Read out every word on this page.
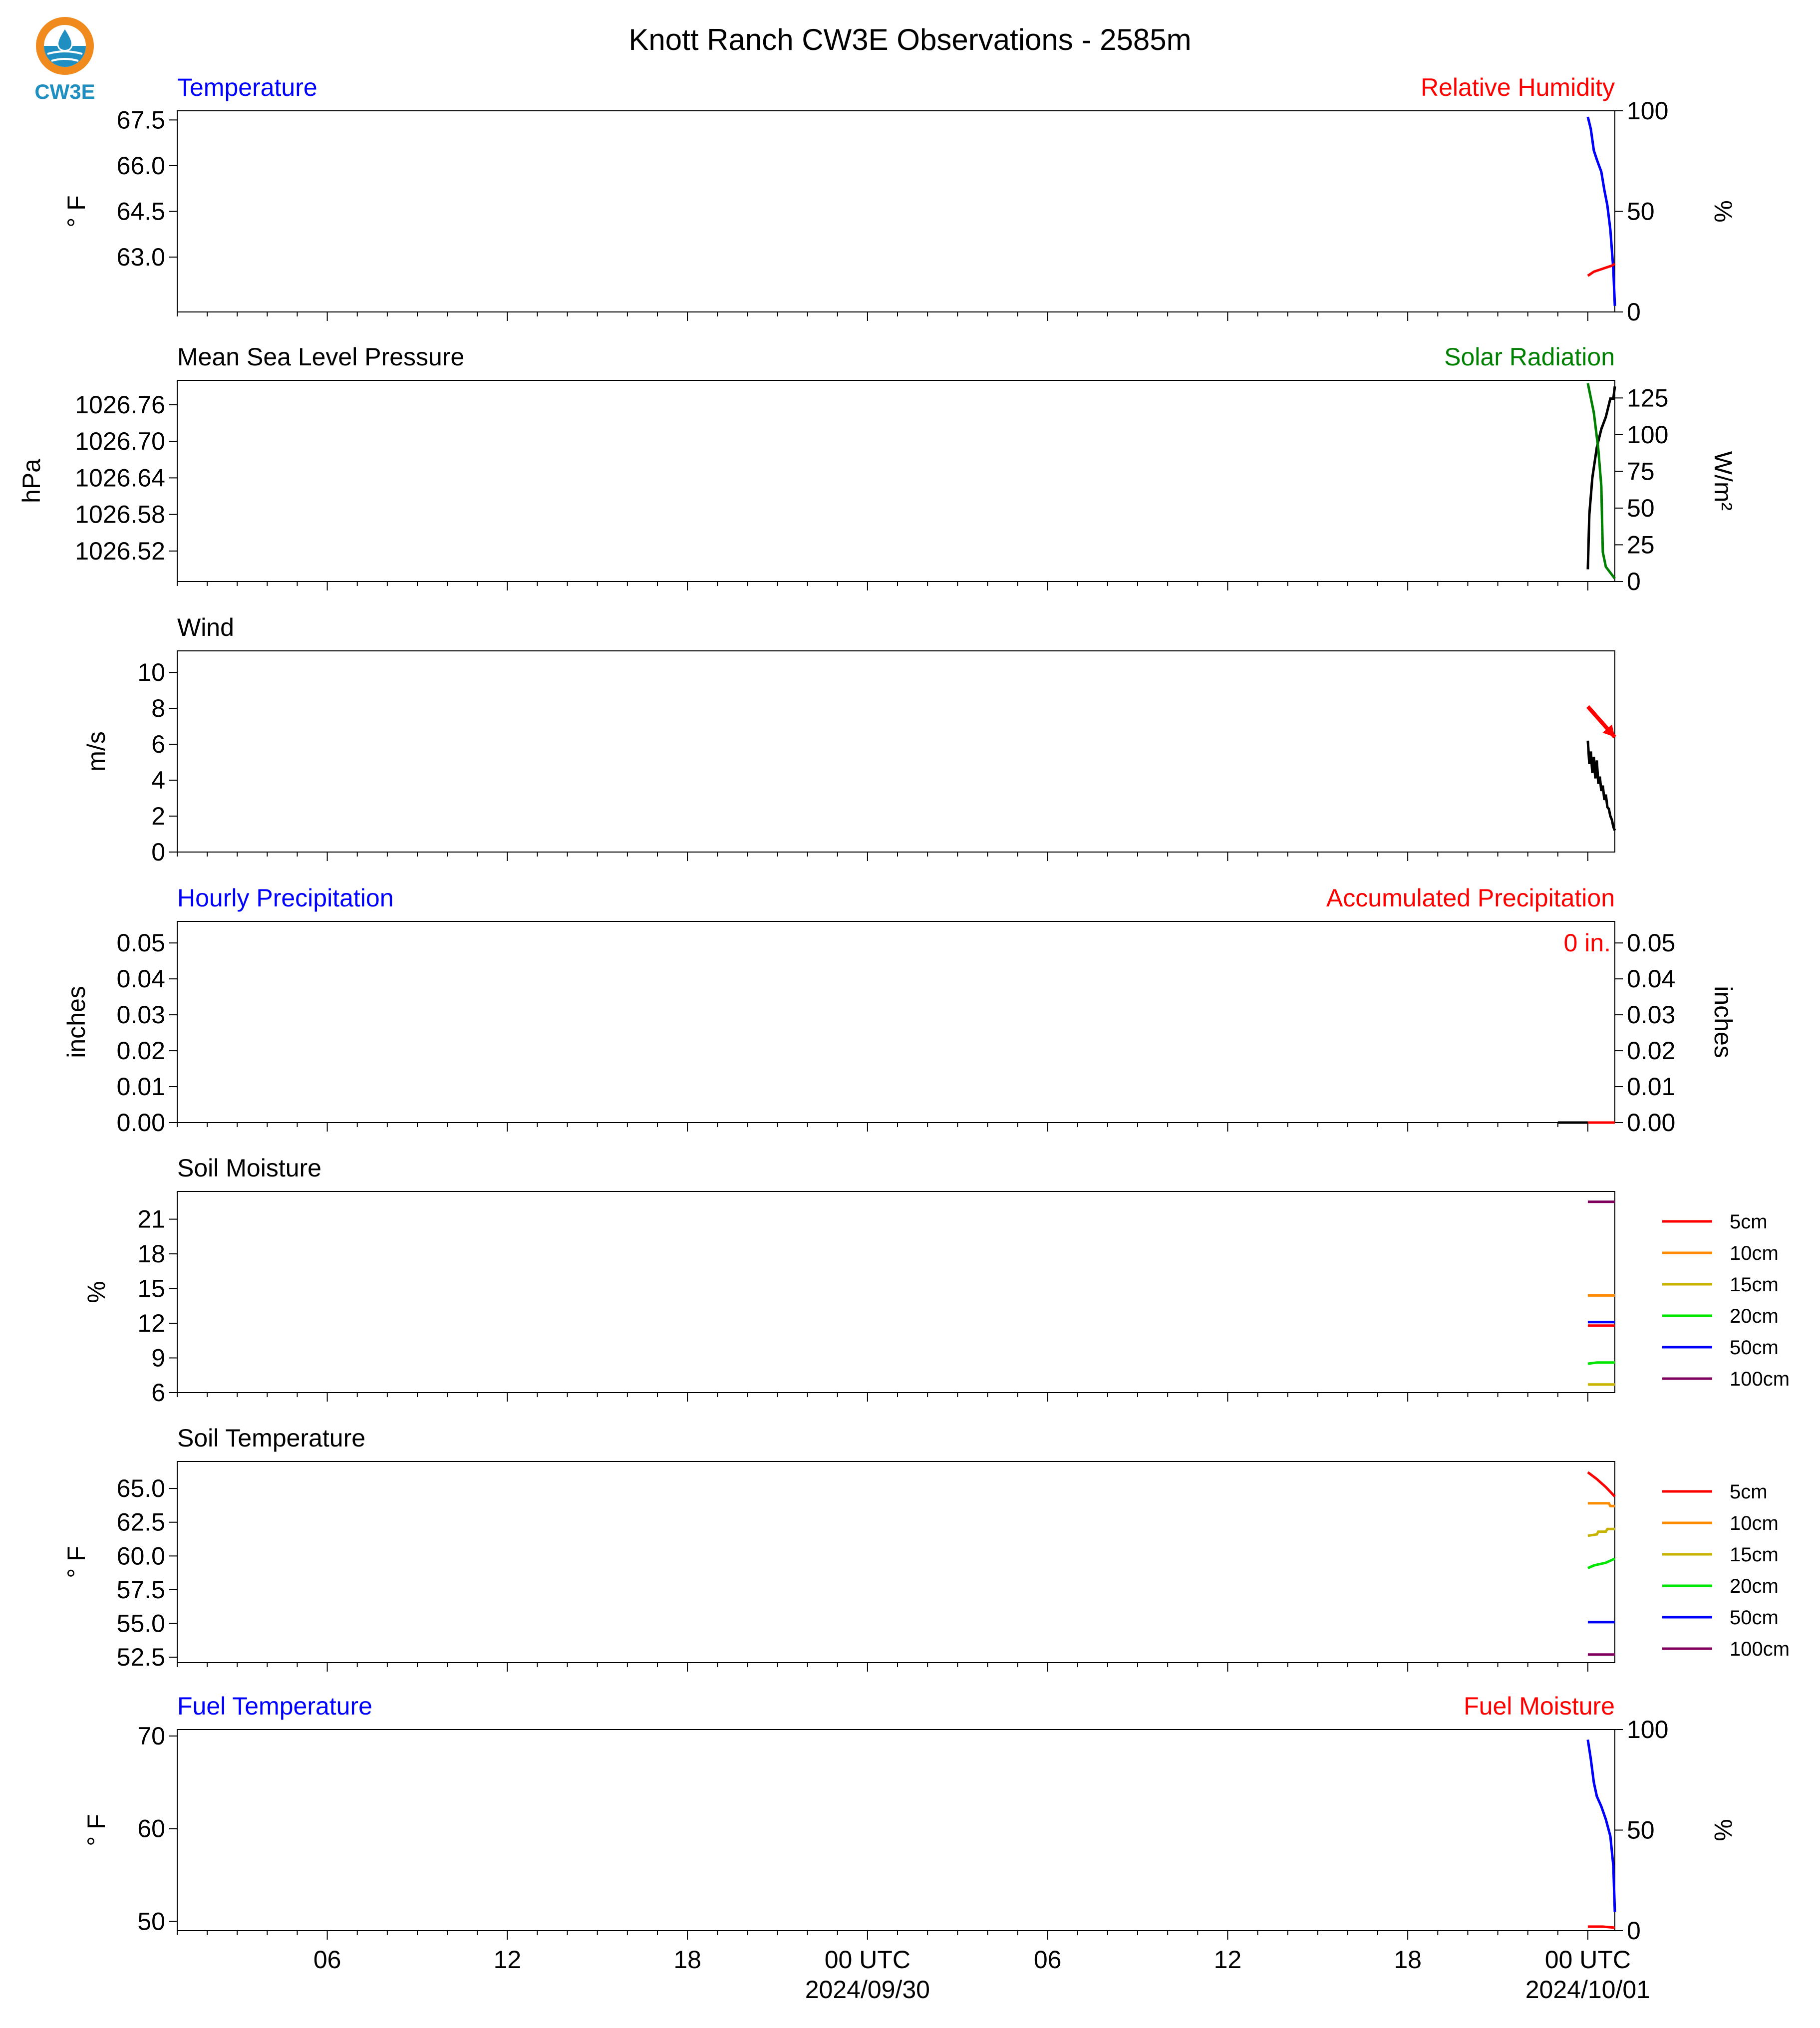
CW3E
Knott Ranch CW3E Observations - 2585m
Temperature	Relative Humidity
63.0
64.5
66.0
67.5
0
50
100
° F	%
Mean Sea Level Pressure	Solar Radiation
1026.52
1026.58
1026.64
1026.70
1026.76
0
25
50
75
100
125
hPa	W/m²
Wind
0
2
4
6
8
10
m/s
Hourly Precipitation	Accumulated Precipitation
0.00
0.01
0.02
0.03
0.04
0.05
0.00
0.01
0.02
0.03
0.04
0.05
inches	inches
0 in.
Soil Moisture
6
9
12
15
18
21
%
5cm
10cm
15cm
20cm
50cm
100cm
Soil Temperature
52.5
55.0
57.5
60.0
62.5
65.0
° F
5cm
10cm
15cm
20cm
50cm
100cm
Fuel Temperature	Fuel Moisture
50
60
70
0
50
100
° F	%
06	12	18	00 UTC
2024/09/30
06	12	18	00 UTC
2024/10/01
